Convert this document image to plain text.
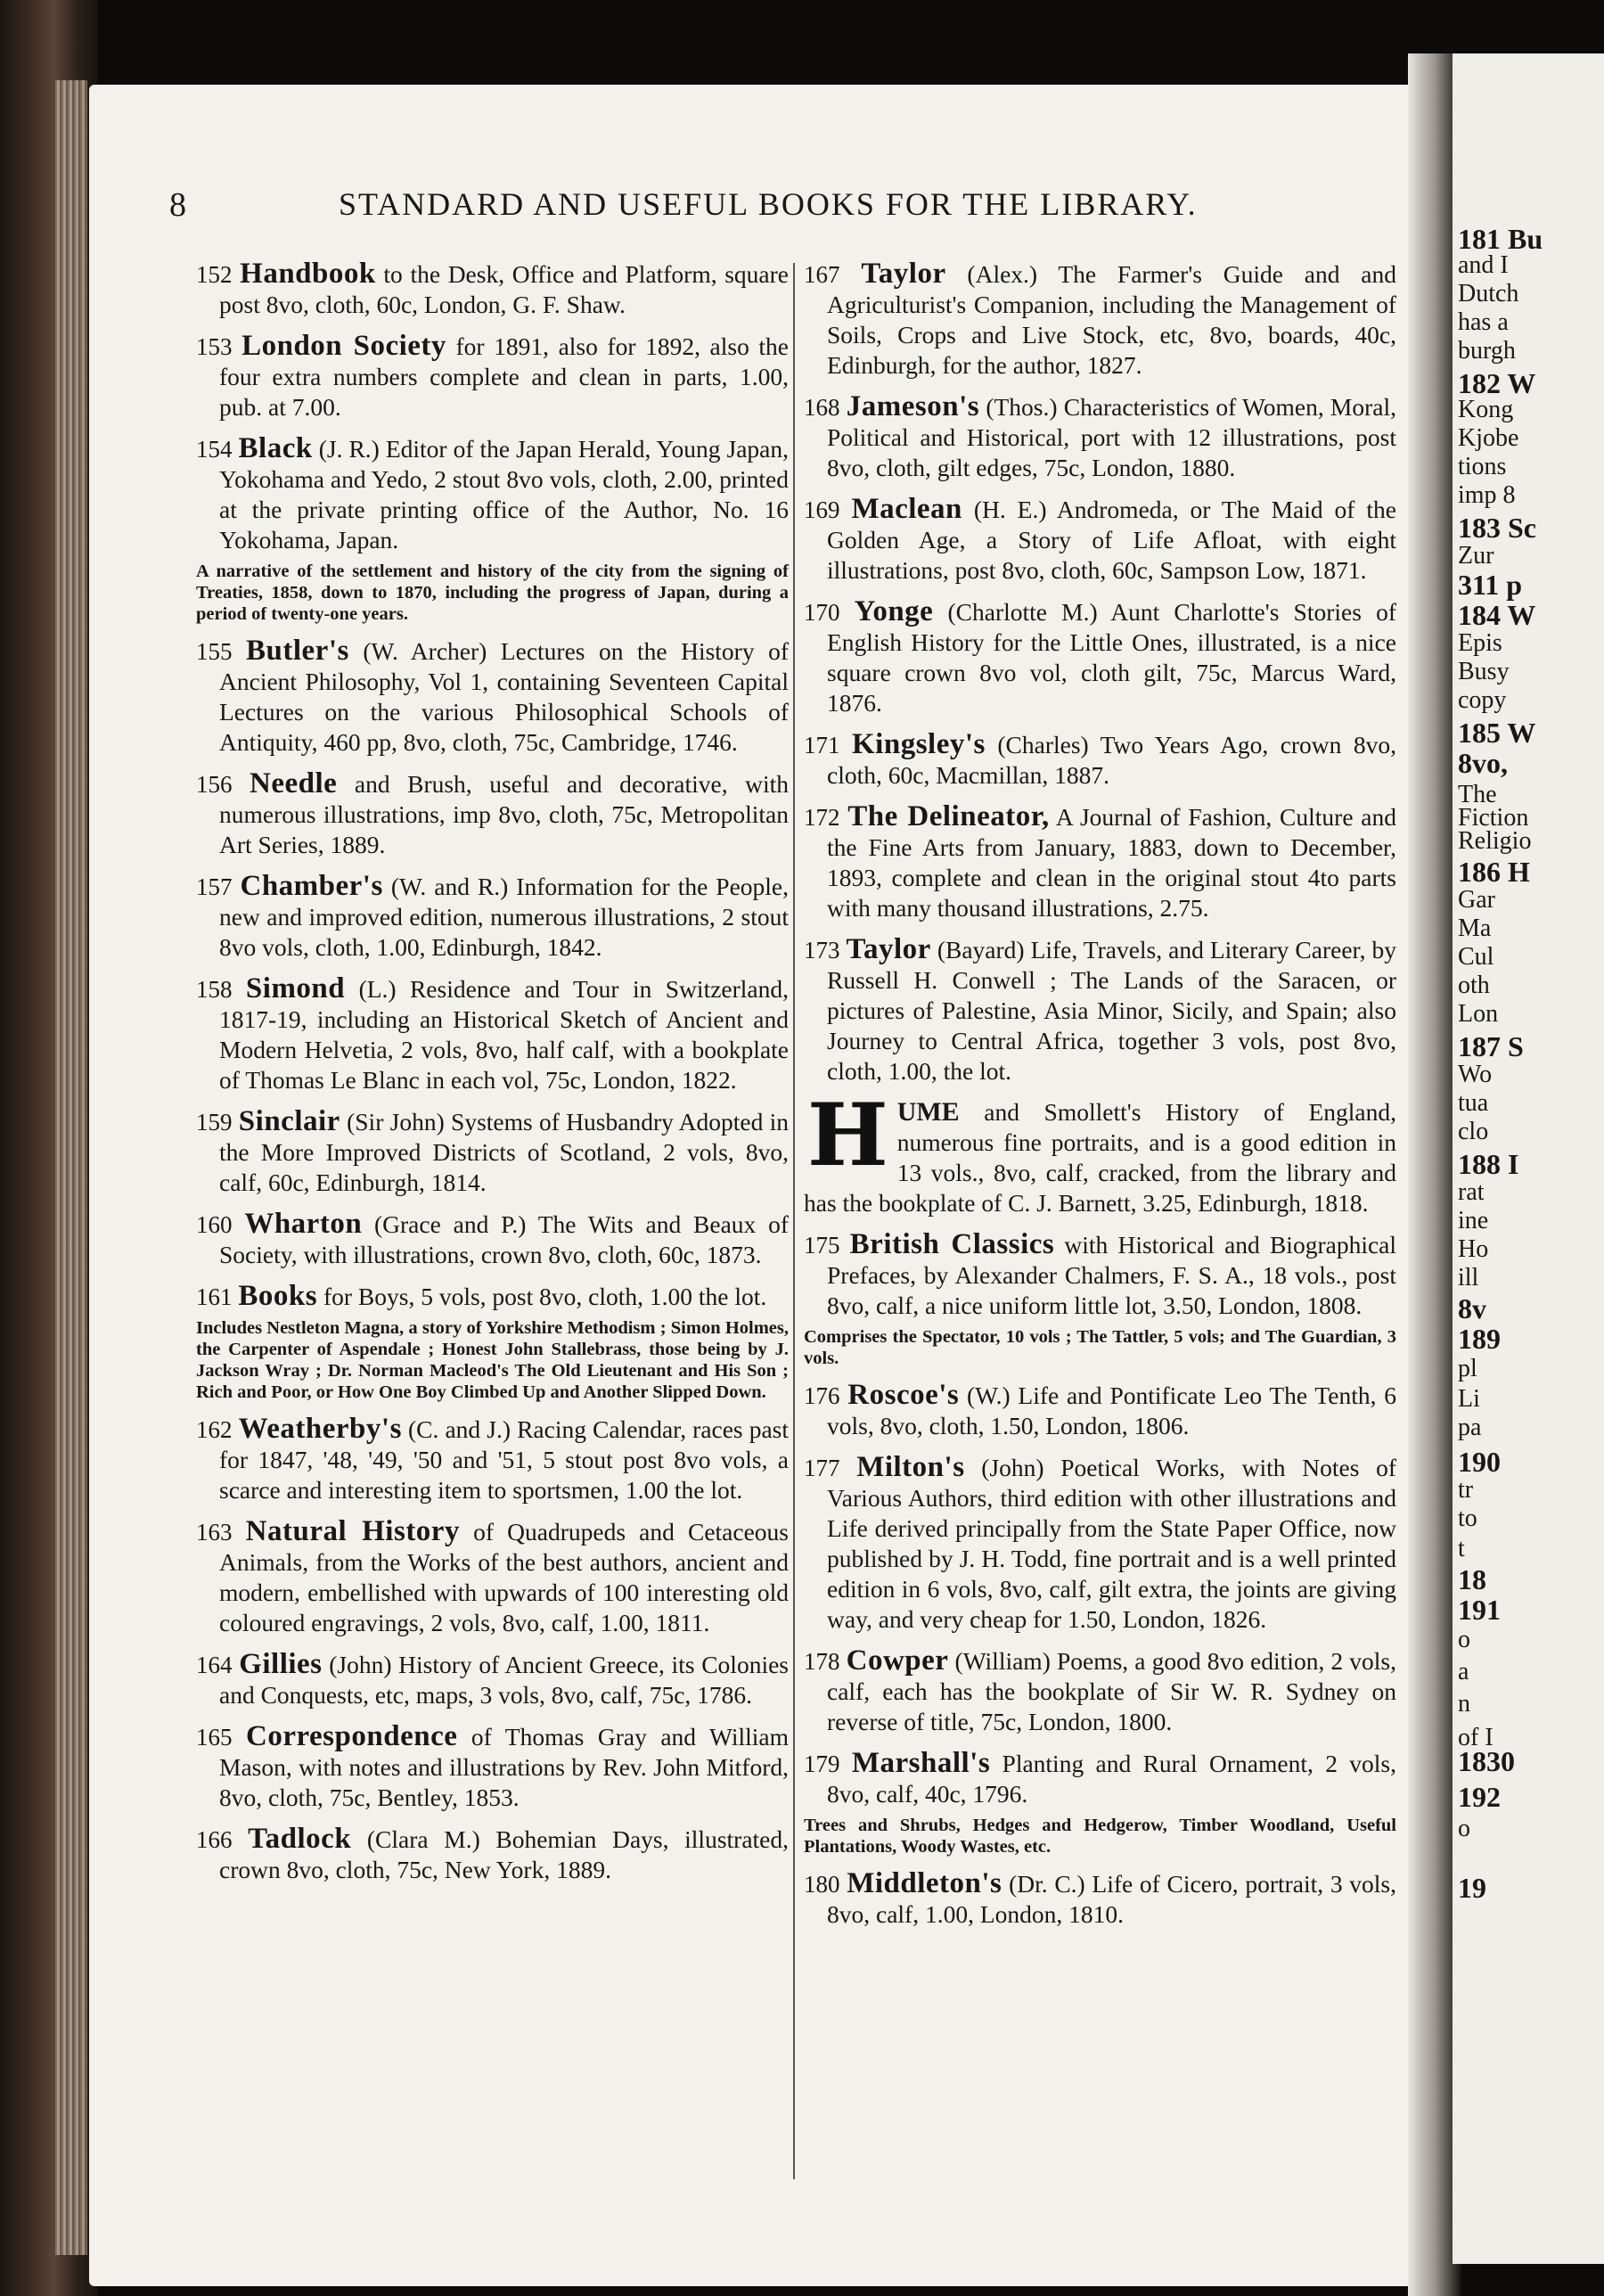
181 Bu
and I
Dutch
has a
burgh
182 W
Kong
Kjobe
tions
imp 8
183 Sc
Zur
311 p
184 W
Epis
Busy
copy
185 W
8vo,
The
Fiction
Religio
186 H
Gar
Ma
Cul
oth
Lon
187 S
Wo
tua
clo
188 I
rat
ine
Ho
ill
8v
189
pl
Li
pa
190
tr
to
t
18
191
o
a
n
of I
1830
192
o
19
8	STANDARD AND USEFUL BOOKS FOR THE LIBRARY.
152 Handbook to the Desk, Office and Platform, square post 8vo, cloth, 60c, London, G. F. Shaw.
153 London Society for 1891, also for 1892, also the four extra numbers complete and clean in parts, 1.00, pub. at 7.00.
154 Black (J. R.) Editor of the Japan Herald, Young Japan, Yokohama and Yedo, 2 stout 8vo vols, cloth, 2.00, printed at the private printing office of the Author, No. 16 Yokohama, Japan.
A narrative of the settlement and history of the city from the signing of Treaties, 1858, down to 1870, including the progress of Japan, during a period of twenty-one years.
155 Butler's (W. Archer) Lectures on the History of Ancient Philosophy, Vol 1, containing Seventeen Capital Lectures on the various Philosophical Schools of Antiquity, 460 pp, 8vo, cloth, 75c, Cambridge, 1746.
156 Needle and Brush, useful and decorative, with numerous illustrations, imp 8vo, cloth, 75c, Metropolitan Art Series, 1889.
157 Chamber's (W. and R.) Information for the People, new and improved edition, numerous illustrations, 2 stout 8vo vols, cloth, 1.00, Edinburgh, 1842.
158 Simond (L.) Residence and Tour in Switzerland, 1817-19, including an Historical Sketch of Ancient and Modern Helvetia, 2 vols, 8vo, half calf, with a bookplate of Thomas Le Blanc in each vol, 75c, London, 1822.
159 Sinclair (Sir John) Systems of Husbandry Adopted in the More Improved Districts of Scotland, 2 vols, 8vo, calf, 60c, Edinburgh, 1814.
160 Wharton (Grace and P.) The Wits and Beaux of Society, with illustrations, crown 8vo, cloth, 60c, 1873.
161 Books for Boys, 5 vols, post 8vo, cloth, 1.00 the lot.
Includes Nestleton Magna, a story of Yorkshire Methodism ; Simon Holmes, the Carpenter of Aspendale ; Honest John Stallebrass, those being by J. Jackson Wray ; Dr. Norman Macleod's The Old Lieutenant and His Son ; Rich and Poor, or How One Boy Climbed Up and Another Slipped Down.
162 Weatherby's (C. and J.) Racing Calendar, races past for 1847, '48, '49, '50 and '51, 5 stout post 8vo vols, a scarce and interesting item to sportsmen, 1.00 the lot.
163 Natural History of Quadrupeds and Cetaceous Animals, from the Works of the best authors, ancient and modern, embellished with upwards of 100 interesting old coloured engravings, 2 vols, 8vo, calf, 1.00, 1811.
164 Gillies (John) History of Ancient Greece, its Colonies and Conquests, etc, maps, 3 vols, 8vo, calf, 75c, 1786.
165 Correspondence of Thomas Gray and William Mason, with notes and illustrations by Rev. John Mitford, 8vo, cloth, 75c, Bentley, 1853.
166 Tadlock (Clara M.) Bohemian Days, illustrated, crown 8vo, cloth, 75c, New York, 1889.
167 Taylor (Alex.) The Farmer's Guide and and Agriculturist's Companion, including the Management of Soils, Crops and Live Stock, etc, 8vo, boards, 40c, Edinburgh, for the author, 1827.
168 Jameson's (Thos.) Characteristics of Women, Moral, Political and Historical, port with 12 illustrations, post 8vo, cloth, gilt edges, 75c, London, 1880.
169 Maclean (H. E.) Andromeda, or The Maid of the Golden Age, a Story of Life Afloat, with eight illustrations, post 8vo, cloth, 60c, Sampson Low, 1871.
170 Yonge (Charlotte M.) Aunt Charlotte's Stories of English History for the Little Ones, illustrated, is a nice square crown 8vo vol, cloth gilt, 75c, Marcus Ward, 1876.
171 Kingsley's (Charles) Two Years Ago, crown 8vo, cloth, 60c, Macmillan, 1887.
172 The Delineator, A Journal of Fashion, Culture and the Fine Arts from January, 1883, down to December, 1893, complete and clean in the original stout 4to parts with many thousand illustrations, 2.75.
173 Taylor (Bayard) Life, Travels, and Literary Career, by Russell H. Conwell ; The Lands of the Saracen, or pictures of Palestine, Asia Minor, Sicily, and Spain; also Journey to Central Africa, together 3 vols, post 8vo, cloth, 1.00, the lot.
HUME and Smollett's History of England, numerous fine portraits, and is a good edition in 13 vols., 8vo, calf, cracked, from the library and has the bookplate of C. J. Barnett, 3.25, Edinburgh, 1818.
175 British Classics with Historical and Biographical Prefaces, by Alexander Chalmers, F. S. A., 18 vols., post 8vo, calf, a nice uniform little lot, 3.50, London, 1808.
Comprises the Spectator, 10 vols ; The Tattler, 5 vols; and The Guardian, 3 vols.
176 Roscoe's (W.) Life and Pontificate Leo The Tenth, 6 vols, 8vo, cloth, 1.50, London, 1806.
177 Milton's (John) Poetical Works, with Notes of Various Authors, third edition with other illustrations and Life derived principally from the State Paper Office, now published by J. H. Todd, fine portrait and is a well printed edition in 6 vols, 8vo, calf, gilt extra, the joints are giving way, and very cheap for 1.50, London, 1826.
178 Cowper (William) Poems, a good 8vo edition, 2 vols, calf, each has the bookplate of Sir W. R. Sydney on reverse of title, 75c, London, 1800.
179 Marshall's Planting and Rural Ornament, 2 vols, 8vo, calf, 40c, 1796.
Trees and Shrubs, Hedges and Hedgerow, Timber Woodland, Useful Plantations, Woody Wastes, etc.
180 Middleton's (Dr. C.) Life of Cicero, portrait, 3 vols, 8vo, calf, 1.00, London, 1810.
